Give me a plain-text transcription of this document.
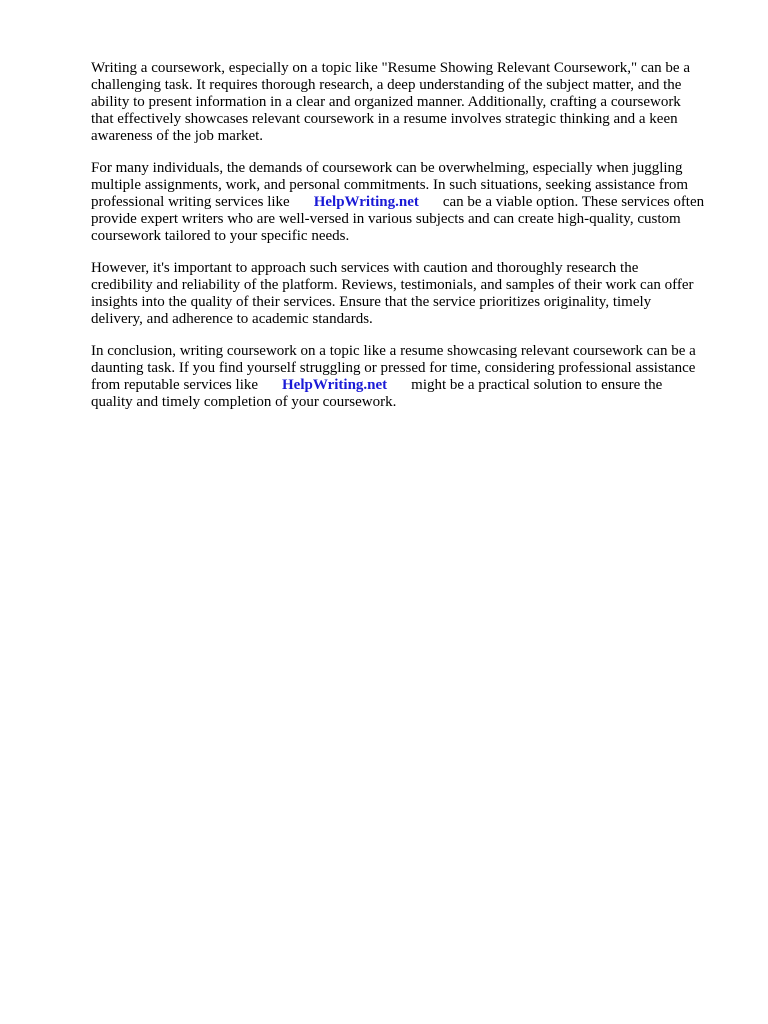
Writing a coursework, especially on a topic like "Resume Showing Relevant Coursework," can be a
challenging task. It requires thorough research, a deep understanding of the subject matter, and the
ability to present information in a clear and organized manner. Additionally, crafting a coursework
that effectively showcases relevant coursework in a resume involves strategic thinking and a keen
awareness of the job market.

For many individuals, the demands of coursework can be overwhelming, especially when juggling
multiple assignments, work, and personal commitments. In such situations, seeking assistance from
professional writing services like HelpWriting.net can be a viable option. These services often
provide expert writers who are well-versed in various subjects and can create high-quality, custom
coursework tailored to your specific needs.

However, it's important to approach such services with caution and thoroughly research the
credibility and reliability of the platform. Reviews, testimonials, and samples of their work can offer
insights into the quality of their services. Ensure that the service prioritizes originality, timely
delivery, and adherence to academic standards.

In conclusion, writing coursework on a topic like a resume showcasing relevant coursework can be a
daunting task. If you find yourself struggling or pressed for time, considering professional assistance
from reputable services like HelpWriting.net might be a practical solution to ensure the
quality and timely completion of your coursework.
